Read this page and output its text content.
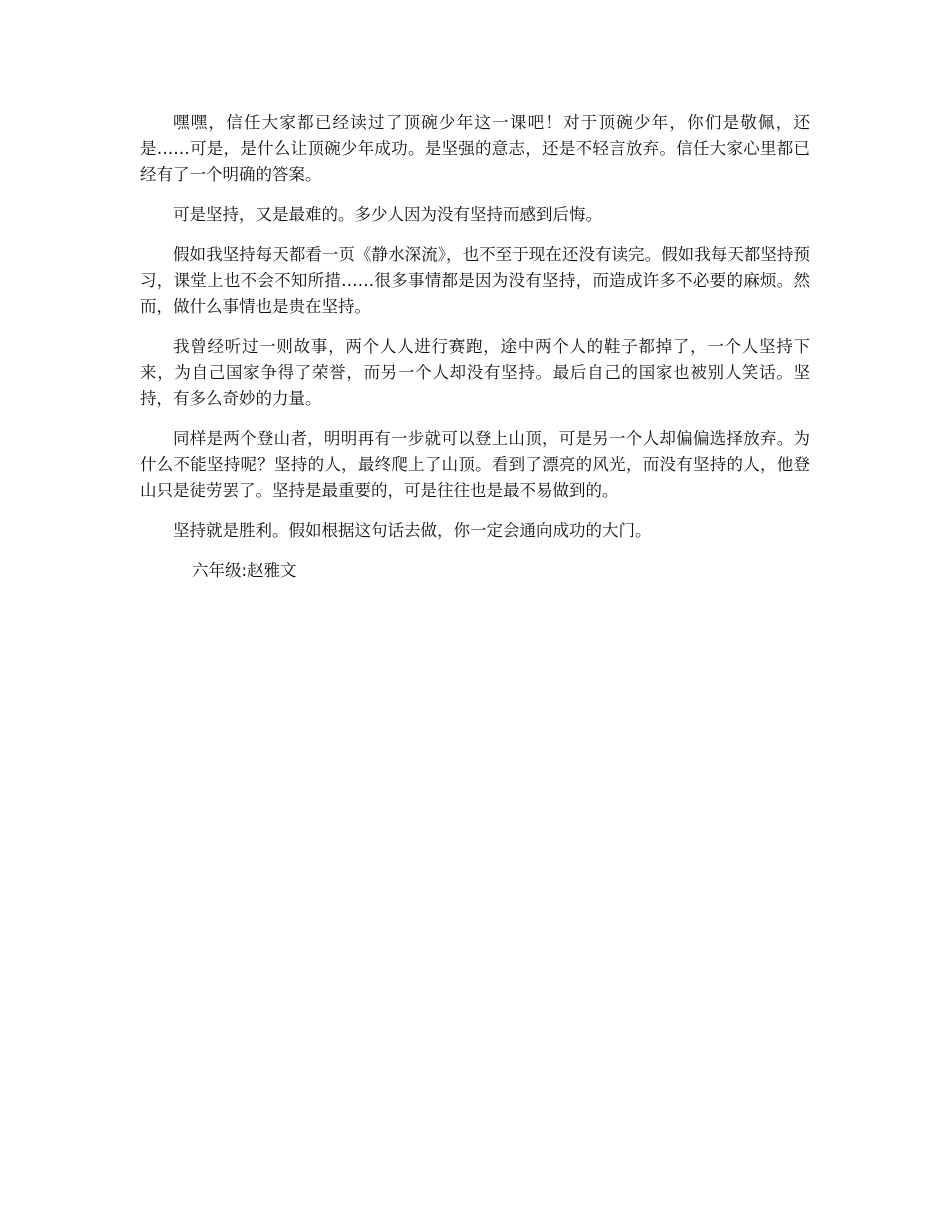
嘿嘿，信任大家都已经读过了顶碗少年这一课吧！对于顶碗少年，你们是敬佩，还是……可是，是什么让顶碗少年成功。是坚强的意志，还是不轻言放弃。信任大家心里都已经有了一个明确的答案。

可是坚持，又是最难的。多少人因为没有坚持而感到后悔。

假如我坚持每天都看一页《静水深流》，也不至于现在还没有读完。假如我每天都坚持预习，课堂上也不会不知所措……很多事情都是因为没有坚持，而造成许多不必要的麻烦。然而，做什么事情也是贵在坚持。

我曾经听过一则故事，两个人人进行赛跑，途中两个人的鞋子都掉了，一个人坚持下来，为自己国家争得了荣誉，而另一个人却没有坚持。最后自己的国家也被别人笑话。坚持，有多么奇妙的力量。

同样是两个登山者，明明再有一步就可以登上山顶，可是另一个人却偏偏选择放弃。为什么不能坚持呢？坚持的人，最终爬上了山顶。看到了漂亮的风光，而没有坚持的人，他登山只是徒劳罢了。坚持是最重要的，可是往往也是最不易做到的。

坚持就是胜利。假如根据这句话去做，你一定会通向成功的大门。

六年级:赵雅文
